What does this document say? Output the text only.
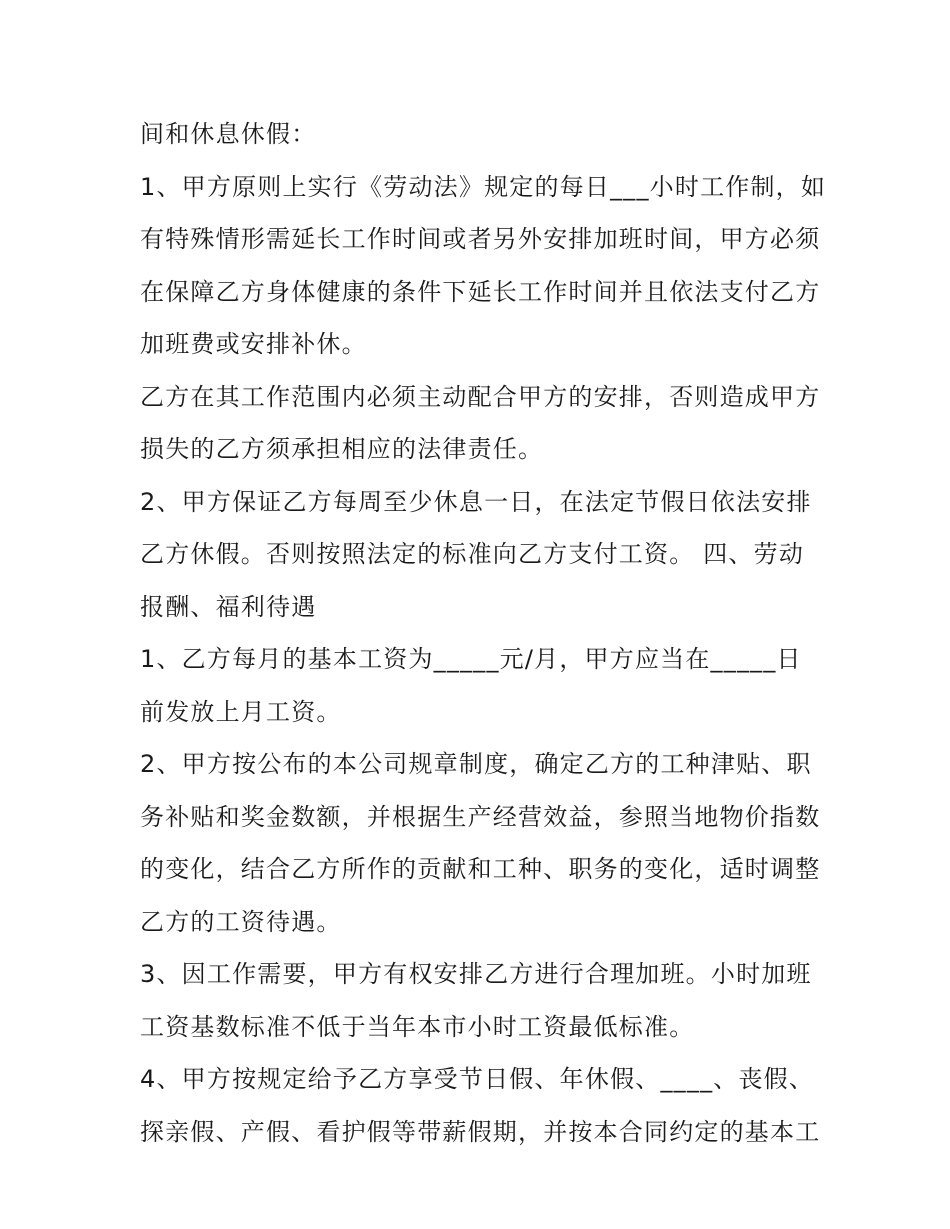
间和休息休假：
1、甲方原则上实行《劳动法》规定的每日___小时工作制，如
有特殊情形需延长工作时间或者另外安排加班时间，甲方必须
在保障乙方身体健康的条件下延长工作时间并且依法支付乙方
加班费或安排补休。
乙方在其工作范围内必须主动配合甲方的安排，否则造成甲方
损失的乙方须承担相应的法律责任。
2、甲方保证乙方每周至少休息一日，在法定节假日依法安排
乙方休假。否则按照法定的标准向乙方支付工资。 四、劳动
报酬、福利待遇
1、乙方每月的基本工资为_____元/月，甲方应当在_____日
前发放上月工资。
2、甲方按公布的本公司规章制度，确定乙方的工种津贴、职
务补贴和奖金数额，并根据生产经营效益，参照当地物价指数
的变化，结合乙方所作的贡献和工种、职务的变化，适时调整
乙方的工资待遇。
3、因工作需要，甲方有权安排乙方进行合理加班。小时加班
工资基数标准不低于当年本市小时工资最低标准。
4、甲方按规定给予乙方享受节日假、年休假、____、丧假、
探亲假、产假、看护假等带薪假期，并按本合同约定的基本工
